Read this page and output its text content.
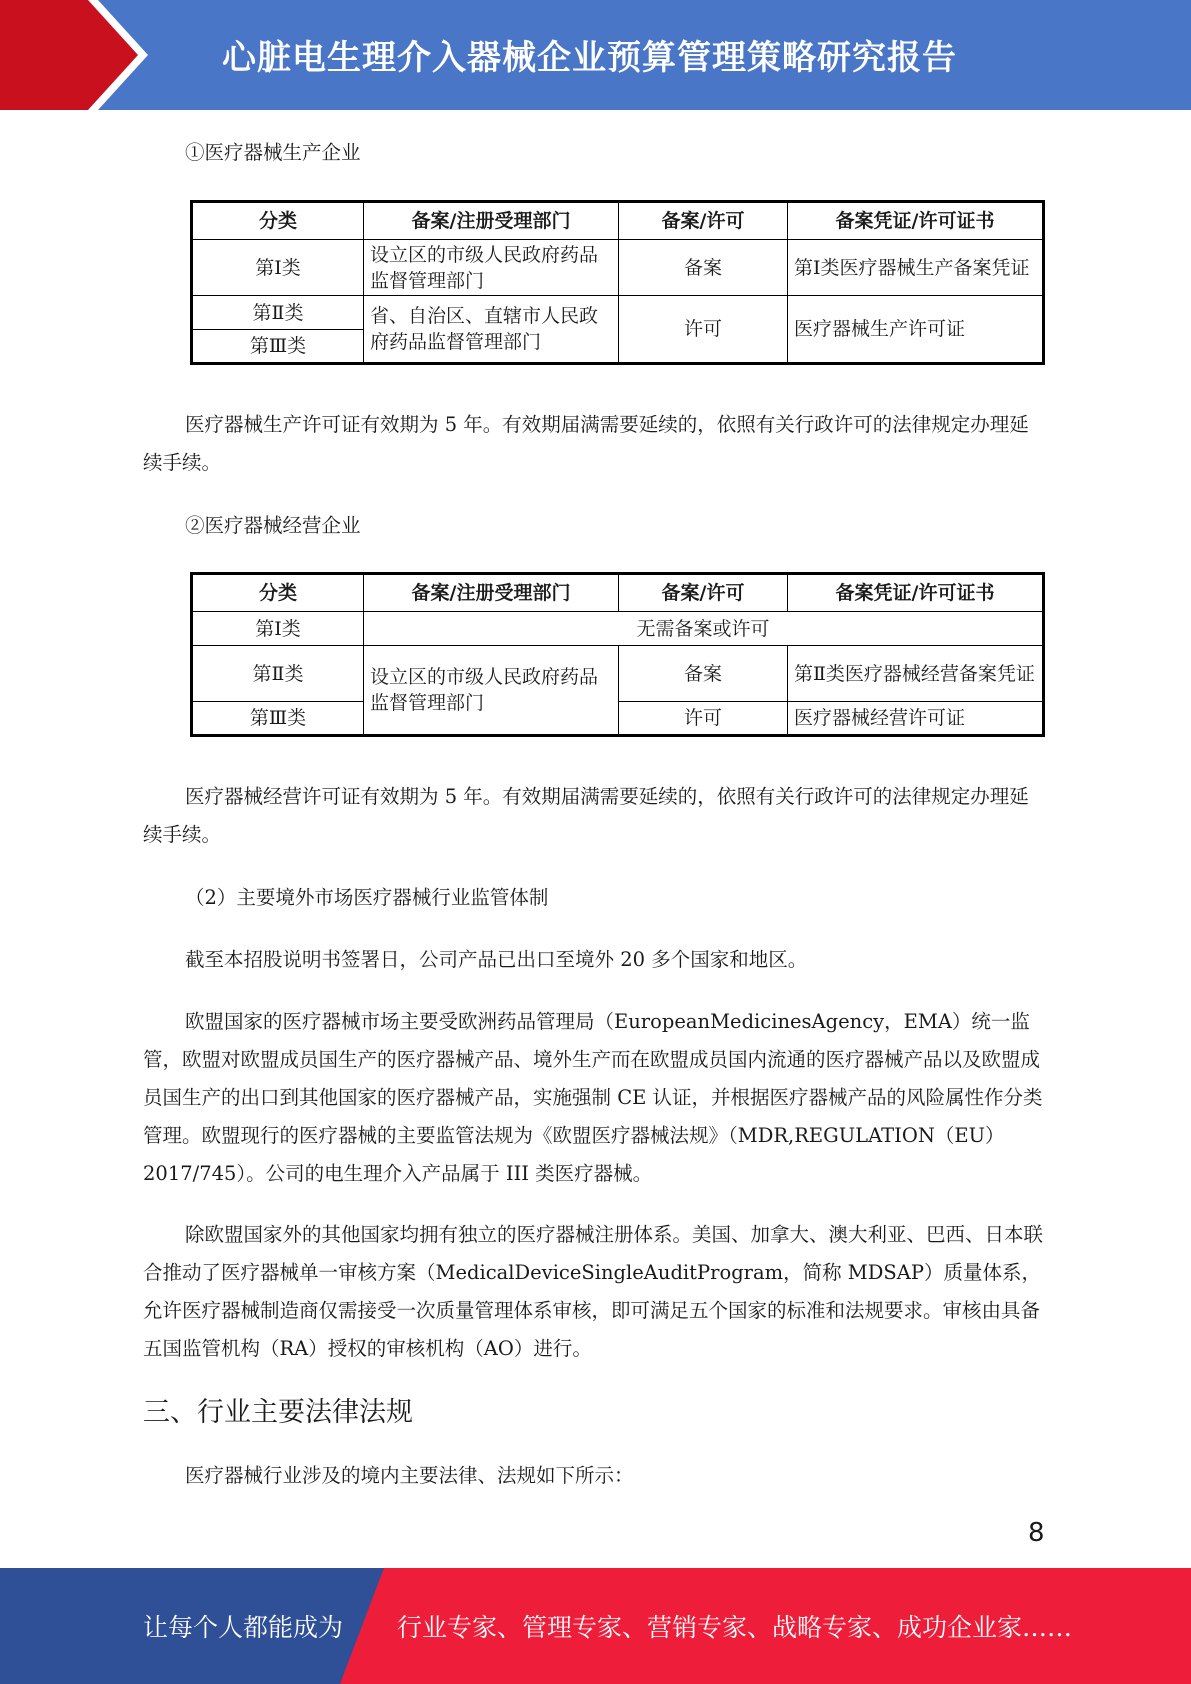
心脏电生理介入器械企业预算管理策略研究报告

①医疗器械生产企业

分类	备案/注册受理部门	备案/许可	备案凭证/许可证书
第Ⅰ类	设立区的市级人民政府药品监督管理部门	备案	第Ⅰ类医疗器械生产备案凭证
第Ⅱ类	省、自治区、直辖市人民政府药品监督管理部门	许可	医疗器械生产许可证
第Ⅲ类			

医疗器械生产许可证有效期为 5 年。有效期届满需要延续的，依照有关行政许可的法律规定办理延续手续。

②医疗器械经营企业

分类	备案/注册受理部门	备案/许可	备案凭证/许可证书
第Ⅰ类	无需备案或许可		
第Ⅱ类	设立区的市级人民政府药品监督管理部门	备案	第Ⅱ类医疗器械经营备案凭证
第Ⅲ类		许可	医疗器械经营许可证

医疗器械经营许可证有效期为 5 年。有效期届满需要延续的，依照有关行政许可的法律规定办理延续手续。

（2）主要境外市场医疗器械行业监管体制

截至本招股说明书签署日，公司产品已出口至境外 20 多个国家和地区。

欧盟国家的医疗器械市场主要受欧洲药品管理局（EuropeanMedicinesAgency，EMA）统一监管，欧盟对欧盟成员国生产的医疗器械产品、境外生产而在欧盟成员国内流通的医疗器械产品以及欧盟成员国生产的出口到其他国家的医疗器械产品，实施强制 CE 认证，并根据医疗器械产品的风险属性作分类管理。欧盟现行的医疗器械的主要监管法规为《欧盟医疗器械法规》（MDR,REGULATION（EU）2017/745）。公司的电生理介入产品属于 III 类医疗器械。

除欧盟国家外的其他国家均拥有独立的医疗器械注册体系。美国、加拿大、澳大利亚、巴西、日本联合推动了医疗器械单一审核方案（MedicalDeviceSingleAuditProgram，简称 MDSAP）质量体系，允许医疗器械制造商仅需接受一次质量管理体系审核，即可满足五个国家的标准和法规要求。审核由具备五国监管机构（RA）授权的审核机构（AO）进行。

三、行业主要法律法规

医疗器械行业涉及的境内主要法律、法规如下所示：

8
让每个人都能成为 行业专家、管理专家、营销专家、战略专家、成功企业家……
